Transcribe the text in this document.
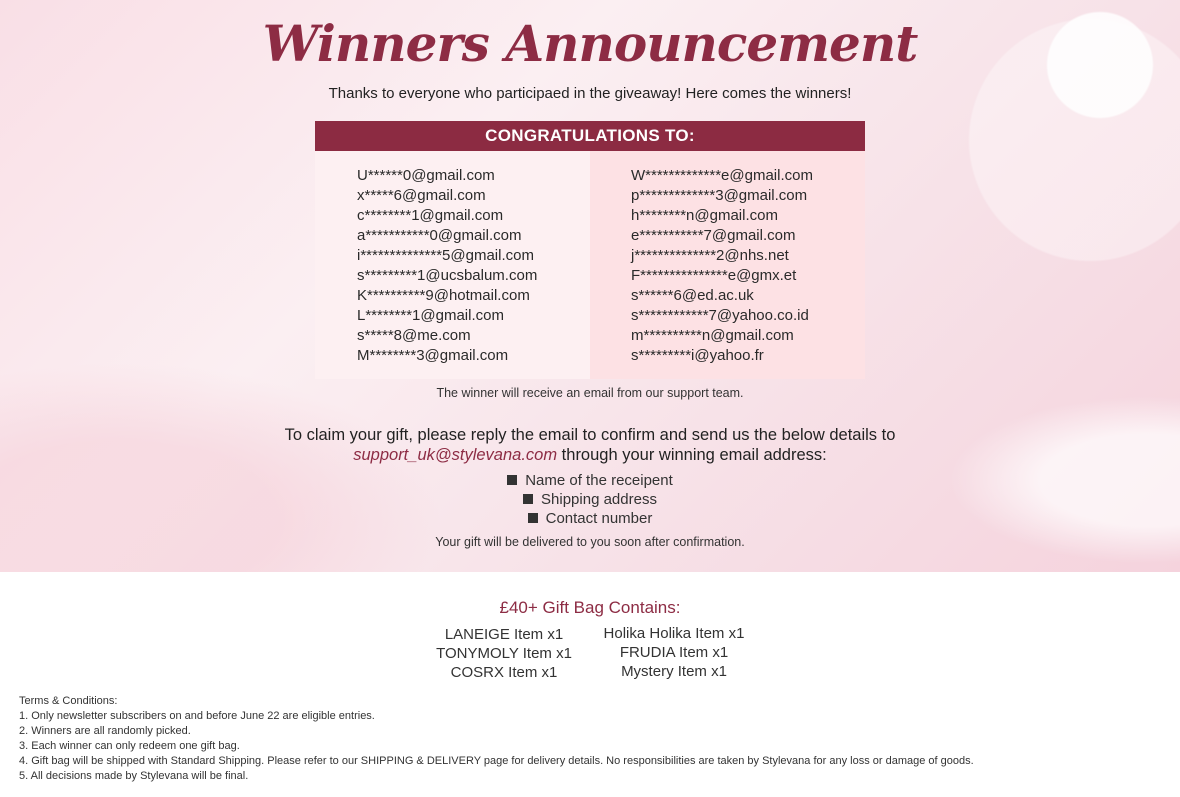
Winners Announcement
Thanks to everyone who participaed in the giveaway! Here comes the winners!
CONGRATULATIONS TO:
U******0@gmail.com
x*****6@gmail.com
c********1@gmail.com
a***********0@gmail.com
i**************5@gmail.com
s*********1@ucsbalum.com
K**********9@hotmail.com
L********1@gmail.com
s*****8@me.com
M********3@gmail.com
W*************e@gmail.com
p*************3@gmail.com
h********n@gmail.com
e***********7@gmail.com
j**************2@nhs.net
F***************e@gmx.et
s******6@ed.ac.uk
s************7@yahoo.co.id
m**********n@gmail.com
s*********i@yahoo.fr
The winner will receive an email from our support team.
To claim your gift, please reply the email to confirm and send us the below details to
support_uk@stylevana.com through your winning email address:
Name of the receipent
Shipping address
Contact number
Your gift will be delivered to you soon after confirmation.
£40+ Gift Bag Contains:
LANEIGE Item x1
TONYMOLY Item x1
COSRX Item x1
Holika Holika Item x1
FRUDIA Item x1
Mystery Item x1
Terms & Conditions:
1. Only newsletter subscribers on and before June 22 are eligible entries.
2. Winners are all randomly picked.
3. Each winner can only redeem one gift bag.
4. Gift bag will be shipped with Standard Shipping. Please refer to our SHIPPING & DELIVERY page for delivery details. No responsibilities are taken by Stylevana for any loss or damage of goods.
5. All decisions made by Stylevana will be final.
